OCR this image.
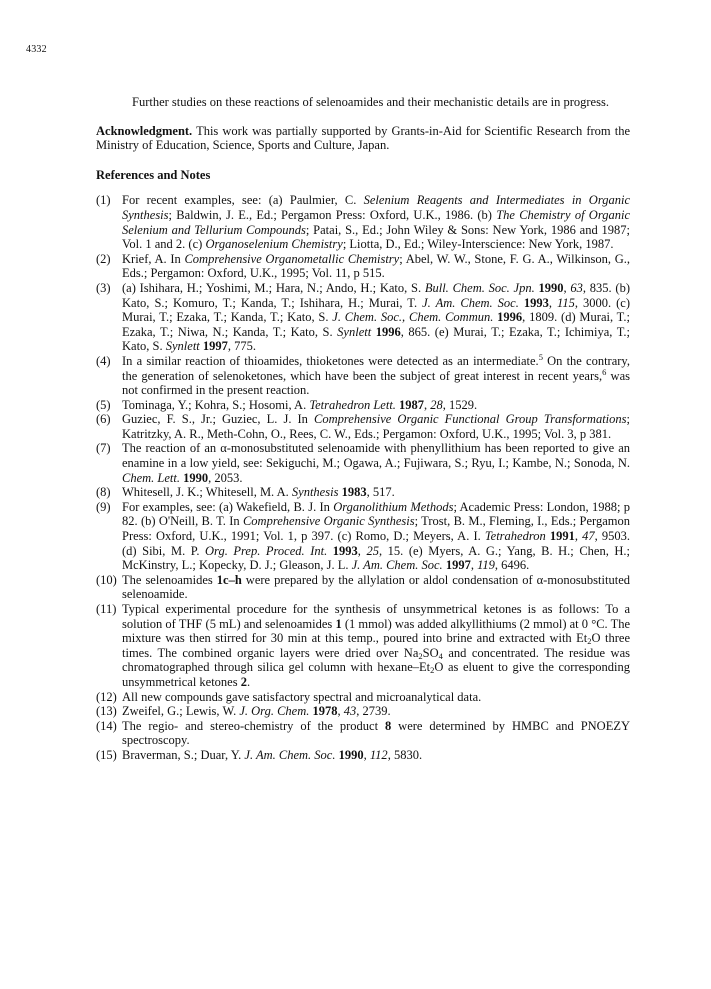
4332

Further studies on these reactions of selenoamides and their mechanistic details are in progress.

Acknowledgment. This work was partially supported by Grants-in-Aid for Scientific Research from the Ministry of Education, Science, Sports and Culture, Japan.

References and Notes
(1) For recent examples, see: (a) Paulmier, C. Selenium Reagents and Intermediates in Organic Synthesis; Baldwin, J. E., Ed.; Pergamon Press: Oxford, U.K., 1986. (b) The Chemistry of Organic Selenium and Tellurium Compounds; Patai, S., Ed.; John Wiley & Sons: New York, 1986 and 1987; Vol. 1 and 2. (c) Organoselenium Chemistry; Liotta, D., Ed.; Wiley-Interscience: New York, 1987.
(2) Krief, A. In Comprehensive Organometallic Chemistry; Abel, W. W., Stone, F. G. A., Wilkinson, G., Eds.; Pergamon: Oxford, U.K., 1995; Vol. 11, p 515.
(3) (a) Ishihara, H.; Yoshimi, M.; Hara, N.; Ando, H.; Kato, S. Bull. Chem. Soc. Jpn. 1990, 63, 835. (b) Kato, S.; Komuro, T.; Kanda, T.; Ishihara, H.; Murai, T. J. Am. Chem. Soc. 1993, 115, 3000. (c) Murai, T.; Ezaka, T.; Kanda, T.; Kato, S. J. Chem. Soc., Chem. Commun. 1996, 1809. (d) Murai, T.; Ezaka, T.; Niwa, N.; Kanda, T.; Kato, S. Synlett 1996, 865. (e) Murai, T.; Ezaka, T.; Ichimiya, T.; Kato, S. Synlett 1997, 775.
(4) In a similar reaction of thioamides, thioketones were detected as an intermediate.$^5$ On the contrary, the generation of selenoketones, which have been the subject of great interest in recent years,$^6$ was not confirmed in the present reaction.
(5) Tominaga, Y.; Kohra, S.; Hosomi, A. Tetrahedron Lett. 1987, 28, 1529.
(6) Guziec, F. S., Jr.; Guziec, L. J. In Comprehensive Organic Functional Group Transformations; Katritzky, A. R., Meth-Cohn, O., Rees, C. W., Eds.; Pergamon: Oxford, U.K., 1995; Vol. 3, p 381.
(7) The reaction of an α-monosubstituted selenoamide with phenyllithium has been reported to give an enamine in a low yield, see: Sekiguchi, M.; Ogawa, A.; Fujiwara, S.; Ryu, I.; Kambe, N.; Sonoda, N. Chem. Lett. 1990, 2053.
(8) Whitesell, J. K.; Whitesell, M. A. Synthesis 1983, 517.
(9) For examples, see: (a) Wakefield, B. J. In Organolithium Methods; Academic Press: London, 1988; p 82. (b) O'Neill, B. T. In Comprehensive Organic Synthesis; Trost, B. M., Fleming, I., Eds.; Pergamon Press: Oxford, U.K., 1991; Vol. 1, p 397. (c) Romo, D.; Meyers, A. I. Tetrahedron 1991, 47, 9503. (d) Sibi, M. P. Org. Prep. Proced. Int. 1993, 25, 15. (e) Myers, A. G.; Yang, B. H.; Chen, H.; McKinstry, L.; Kopecky, D. J.; Gleason, J. L. J. Am. Chem. Soc. 1997, 119, 6496.
(10) The selenoamides 1c–h were prepared by the allylation or aldol condensation of α-monosubstituted selenoamide.
(11) Typical experimental procedure for the synthesis of unsymmetrical ketones is as follows: To a solution of THF (5 mL) and selenoamides 1 (1 mmol) was added alkyllithiums (2 mmol) at 0 °C. The mixture was then stirred for 30 min at this temp., poured into brine and extracted with $Et_2O$ three times. The combined organic layers were dried over $Na_2SO_4$ and concentrated. The residue was chromatographed through silica gel column with hexane–$Et_2O$ as eluent to give the corresponding unsymmetrical ketones 2.
(12) All new compounds gave satisfactory spectral and microanalytical data.
(13) Zweifel, G.; Lewis, W. J. Org. Chem. 1978, 43, 2739.
(14) The regio- and stereo-chemistry of the product 8 were determined by HMBC and PNOEZY spectroscopy.
(15) Braverman, S.; Duar, Y. J. Am. Chem. Soc. 1990, 112, 5830.
